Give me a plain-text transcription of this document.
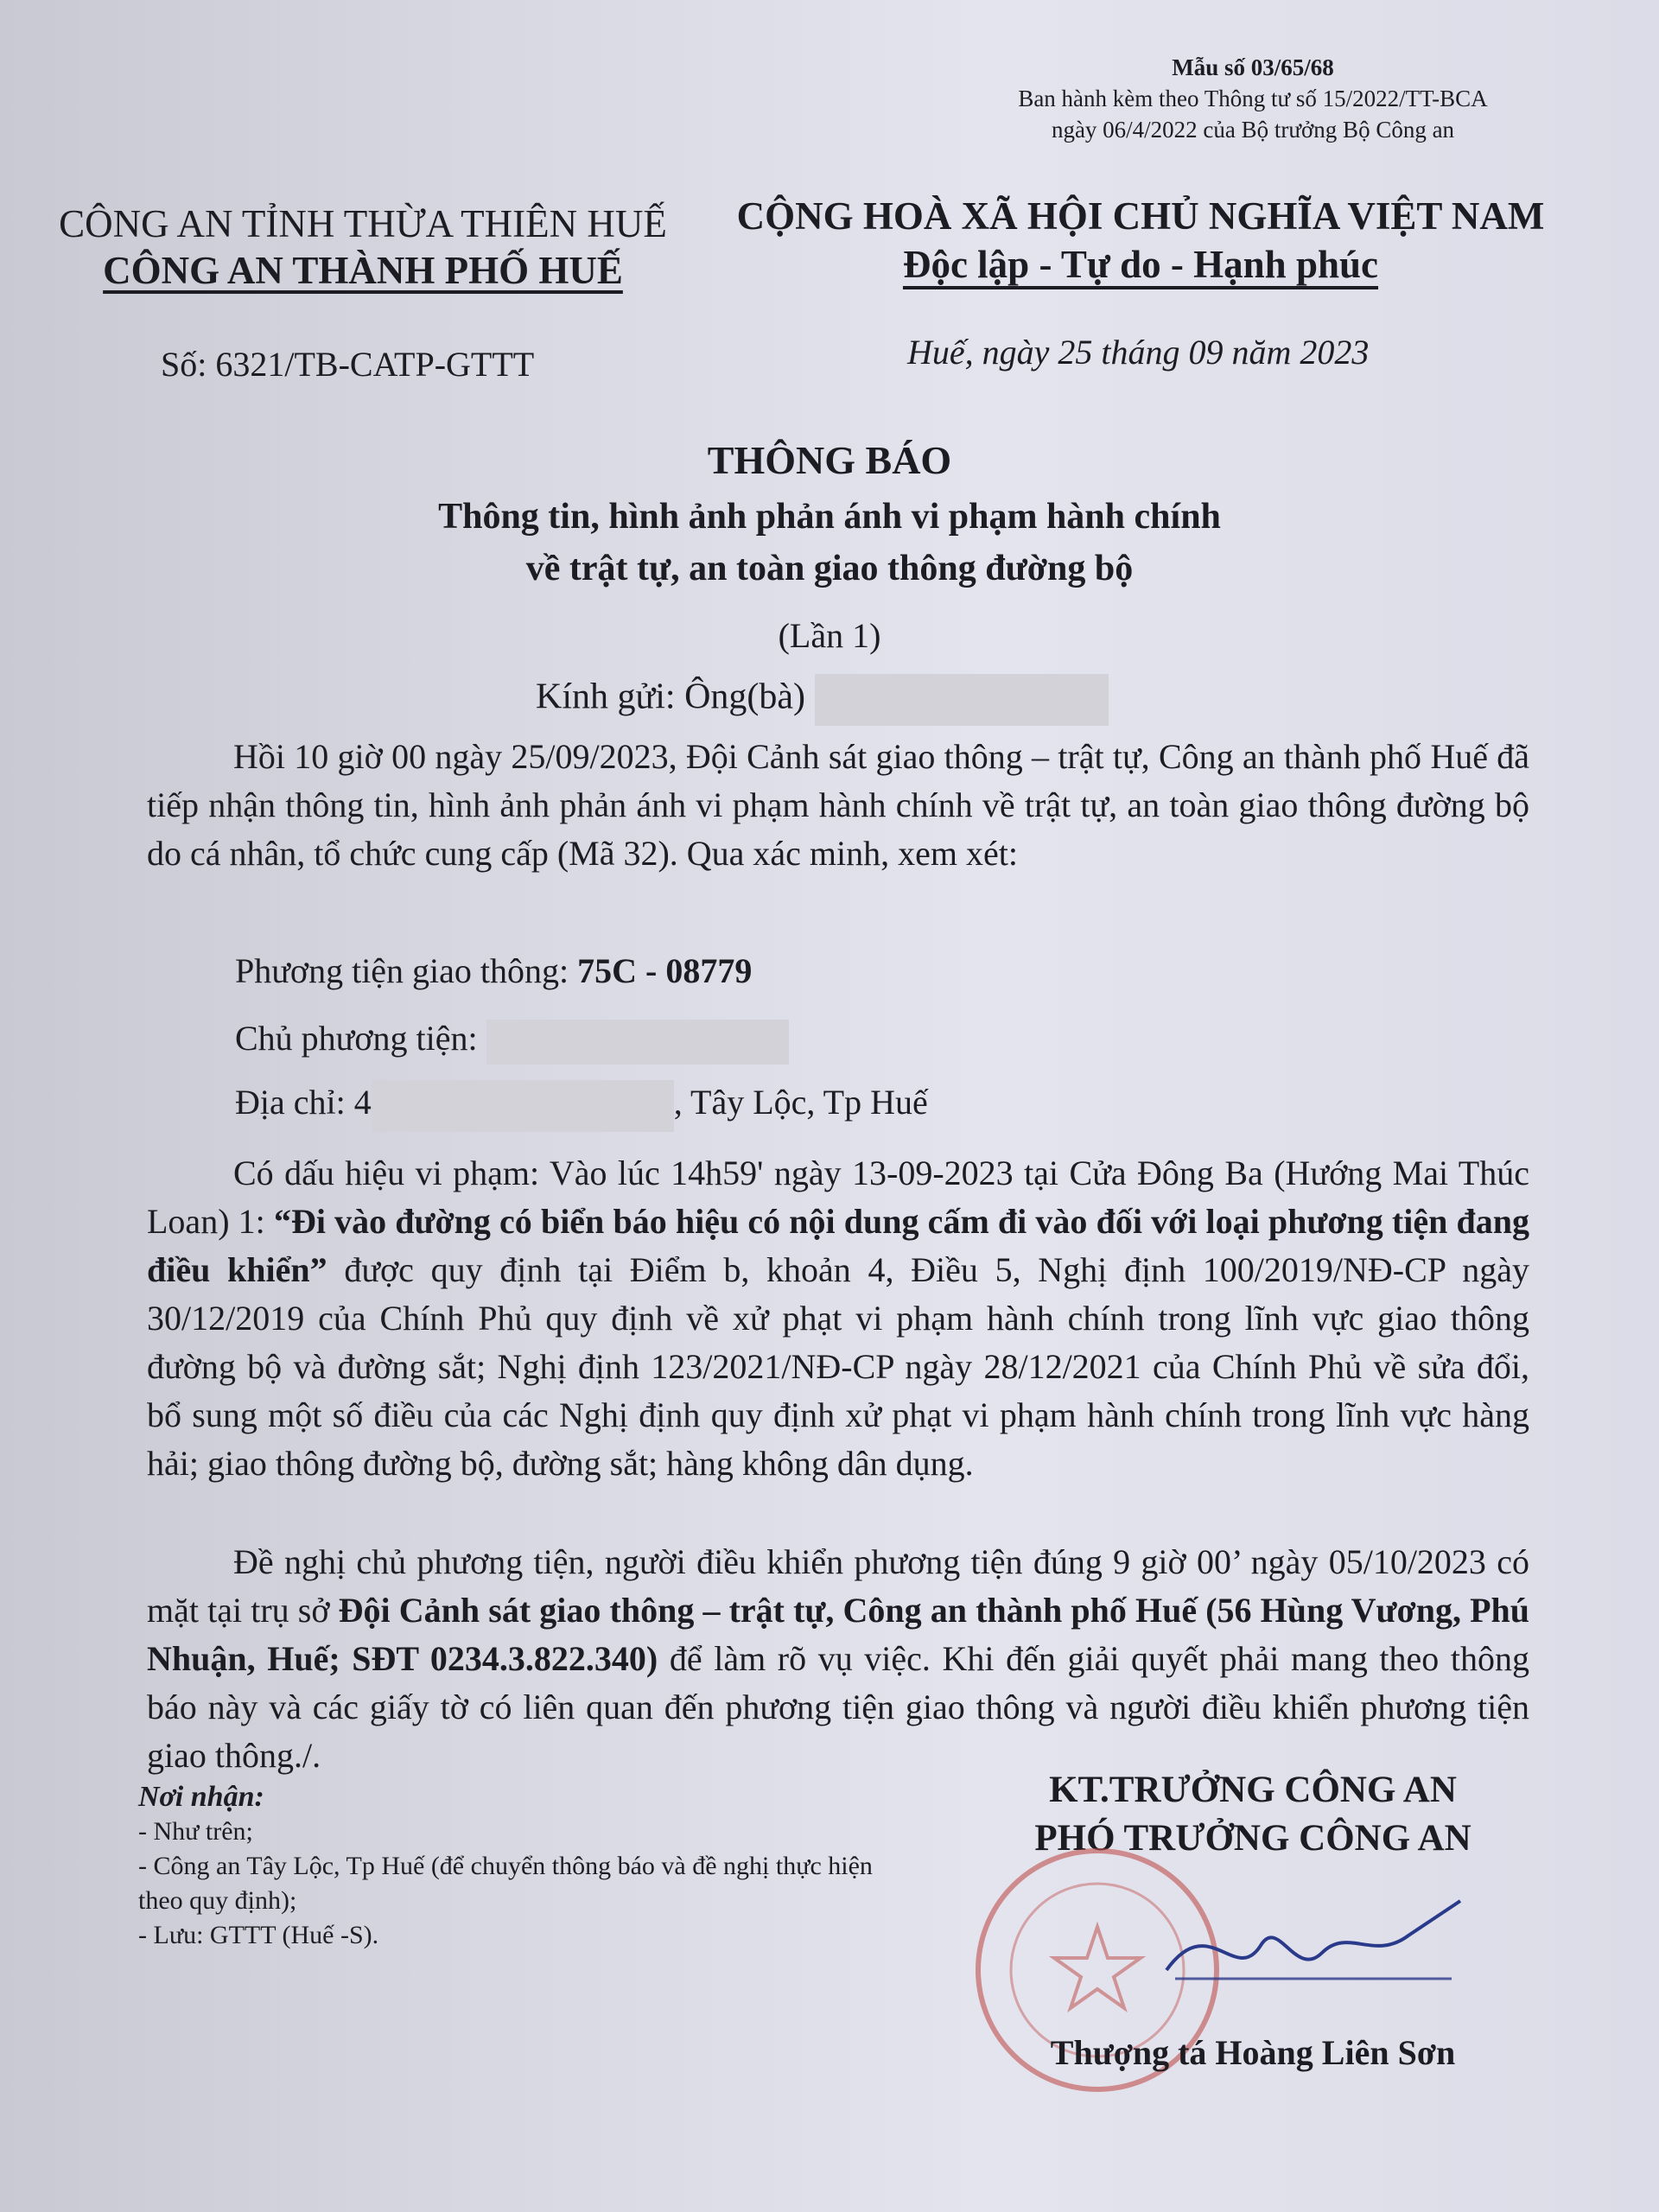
Mẫu số 03/65/68
Ban hành kèm theo Thông tư số 15/2022/TT-BCA
ngày 06/4/2022 của Bộ trưởng Bộ Công an
CÔNG AN TỈNH THỪA THIÊN HUẾ
CÔNG AN THÀNH PHỐ HUẾ
CỘNG HOÀ XÃ HỘI CHỦ NGHĨA VIỆT NAM
Độc lập - Tự do - Hạnh phúc
Số: 6321/TB-CATP-GTTT	Huế, ngày 25 tháng 09 năm 2023
THÔNG BÁO
Thông tin, hình ảnh phản ánh vi phạm hành chính
về trật tự, an toàn giao thông đường bộ
(Lần 1)
Kính gửi: Ông(bà)
Hồi 10 giờ 00 ngày 25/09/2023, Đội Cảnh sát giao thông – trật tự, Công an thành phố Huế đã tiếp nhận thông tin, hình ảnh phản ánh vi phạm hành chính về trật tự, an toàn giao thông đường bộ do cá nhân, tổ chức cung cấp (Mã 32). Qua xác minh, xem xét:
Phương tiện giao thông: 75C - 08779
Chủ phương tiện:
Địa chỉ: 4	, Tây Lộc, Tp Huế
Có dấu hiệu vi phạm: Vào lúc 14h59' ngày 13-09-2023 tại Cửa Đông Ba (Hướng Mai Thúc Loan) 1: “Đi vào đường có biển báo hiệu có nội dung cấm đi vào đối với loại phương tiện đang điều khiển” được quy định tại Điểm b, khoản 4, Điều 5, Nghị định 100/2019/NĐ-CP ngày 30/12/2019 của Chính Phủ quy định về xử phạt vi phạm hành chính trong lĩnh vực giao thông đường bộ và đường sắt; Nghị định 123/2021/NĐ-CP ngày 28/12/2021 của Chính Phủ về sửa đổi, bổ sung một số điều của các Nghị định quy định xử phạt vi phạm hành chính trong lĩnh vực hàng hải; giao thông đường bộ, đường sắt; hàng không dân dụng.
Đề nghị chủ phương tiện, người điều khiển phương tiện đúng 9 giờ 00’ ngày 05/10/2023 có mặt tại trụ sở Đội Cảnh sát giao thông – trật tự, Công an thành phố Huế (56 Hùng Vương, Phú Nhuận, Huế; SĐT 0234.3.822.340) để làm rõ vụ việc. Khi đến giải quyết phải mang theo thông báo này và các giấy tờ có liên quan đến phương tiện giao thông và người điều khiển phương tiện giao thông./.
Nơi nhận:
- Như trên;
- Công an Tây Lộc, Tp Huế (để chuyển thông báo và đề nghị thực hiện theo quy định);
- Lưu: GTTT (Huế -S).
KT.TRƯỞNG CÔNG AN
PHÓ TRƯỞNG CÔNG AN
Thượng tá Hoàng Liên Sơn
